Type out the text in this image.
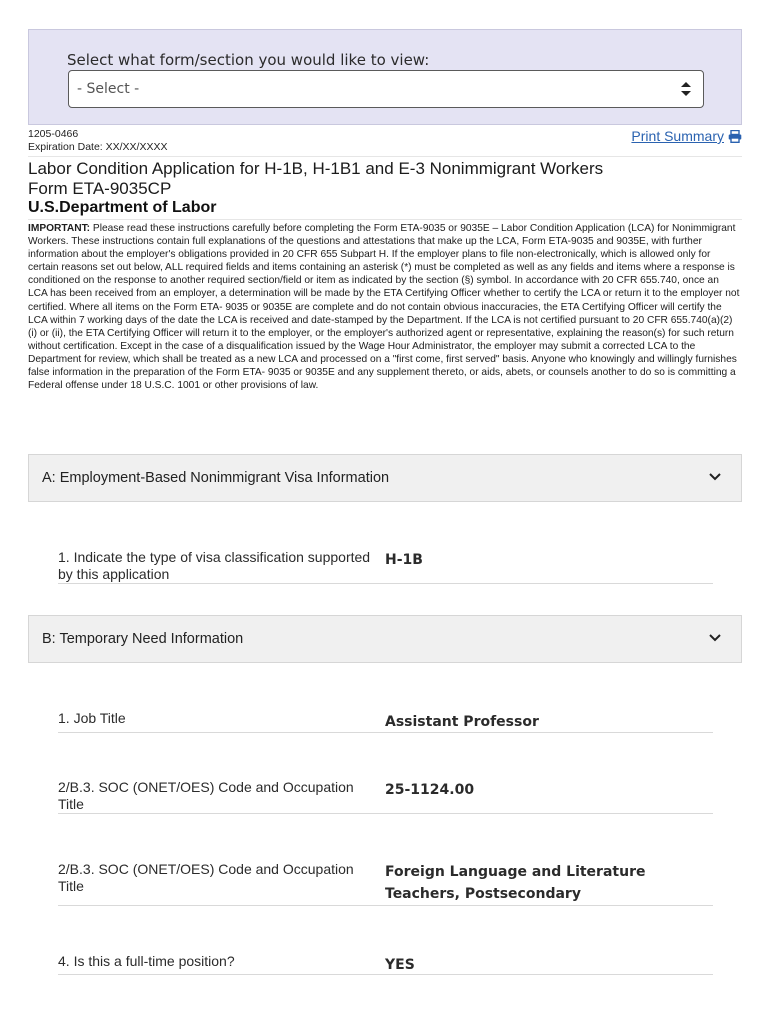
Select what form/section you would like to view:
- Select -
1205-0466
Expiration Date: XX/XX/XXXX
Print Summary
Labor Condition Application for H-1B, H-1B1 and E-3 Nonimmigrant Workers
Form ETA-9035CP
U.S.Department of Labor
IMPORTANT: Please read these instructions carefully before completing the Form ETA-9035 or 9035E – Labor Condition Application (LCA) for Nonimmigrant Workers. These instructions contain full explanations of the questions and attestations that make up the LCA, Form ETA-9035 and 9035E, with further information about the employer's obligations provided in 20 CFR 655 Subpart H. If the employer plans to file non-electronically, which is allowed only for certain reasons set out below, ALL required fields and items containing an asterisk (*) must be completed as well as any fields and items where a response is conditioned on the response to another required section/field or item as indicated by the section (§) symbol. In accordance with 20 CFR 655.740, once an LCA has been received from an employer, a determination will be made by the ETA Certifying Officer whether to certify the LCA or return it to the employer not certified. Where all items on the Form ETA- 9035 or 9035E are complete and do not contain obvious inaccuracies, the ETA Certifying Officer will certify the LCA within 7 working days of the date the LCA is received and date-stamped by the Department. If the LCA is not certified pursuant to 20 CFR 655.740(a)(2)(i) or (ii), the ETA Certifying Officer will return it to the employer, or the employer's authorized agent or representative, explaining the reason(s) for such return without certification. Except in the case of a disqualification issued by the Wage Hour Administrator, the employer may submit a corrected LCA to the Department for review, which shall be treated as a new LCA and processed on a "first come, first served" basis. Anyone who knowingly and willingly furnishes false information in the preparation of the Form ETA- 9035 or 9035E and any supplement thereto, or aids, abets, or counsels another to do so is committing a Federal offense under 18 U.S.C. 1001 or other provisions of law.
A: Employment-Based Nonimmigrant Visa Information
1. Indicate the type of visa classification supported by this application
H-1B
B: Temporary Need Information
1. Job Title	Assistant Professor
2/B.3. SOC (ONET/OES) Code and Occupation Title
25-1124.00
2/B.3. SOC (ONET/OES) Code and Occupation Title
Foreign Language and Literature Teachers, Postsecondary
4. Is this a full-time position?	YES
